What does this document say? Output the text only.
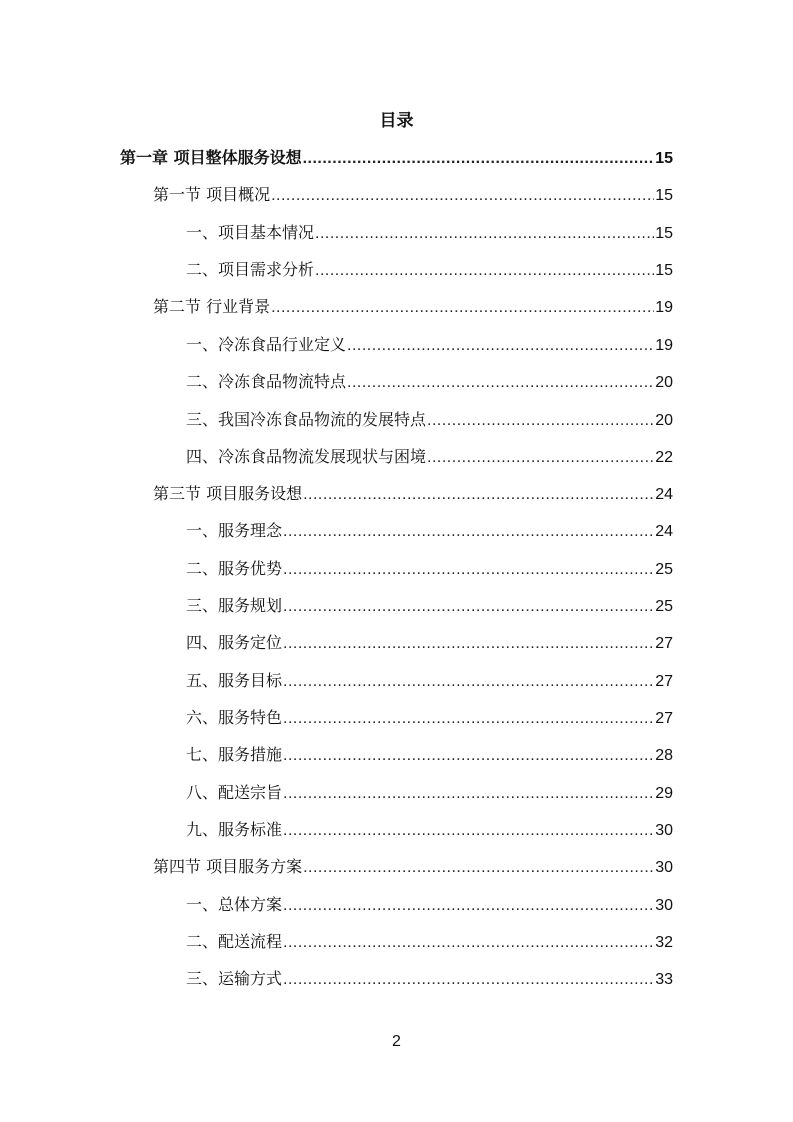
目录
第一章 项目整体服务设想 .....	15
第一节 项目概况 .....	15
一、项目基本情况 .....	15
二、项目需求分析 .....	15
第二节 行业背景 .....	19
一、冷冻食品行业定义 .....	19
二、冷冻食品物流特点 .....	20
三、我国冷冻食品物流的发展特点 .....	20
四、冷冻食品物流发展现状与困境 .....	22
第三节 项目服务设想 .....	24
一、服务理念 .....	24
二、服务优势 .....	25
三、服务规划 .....	25
四、服务定位 .....	27
五、服务目标 .....	27
六、服务特色 .....	27
七、服务措施 .....	28
八、配送宗旨 .....	29
九、服务标准 .....	30
第四节 项目服务方案 .....	30
一、总体方案 .....	30
二、配送流程 .....	32
三、运输方式 .....	33
2
